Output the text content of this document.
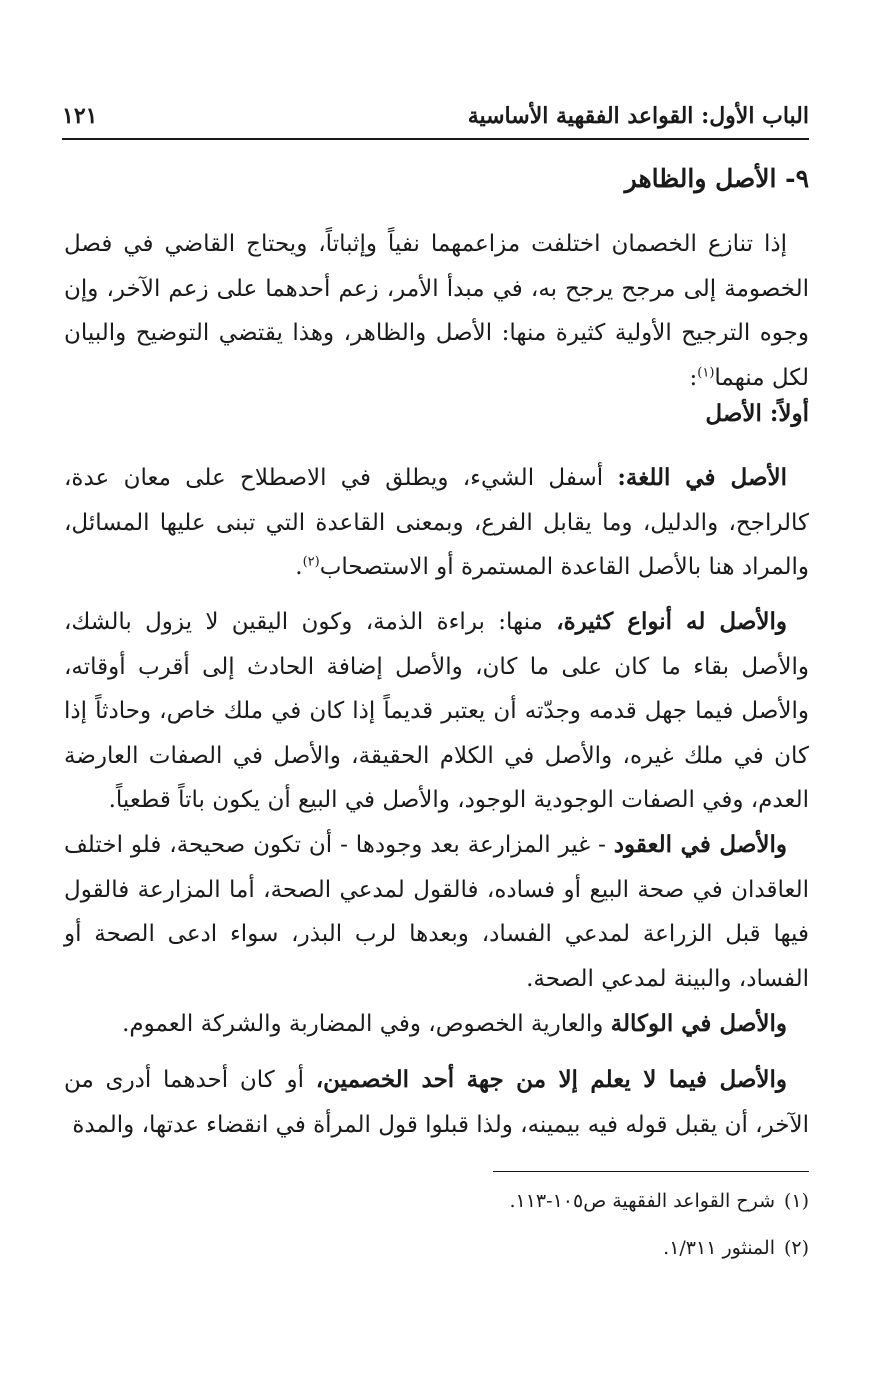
الباب الأول: القواعد الفقهية الأساسية
١٢١
٩- الأصل والظاهر
إذا تنازع الخصمان اختلفت مزاعمهما نفياً وإثباتاً، ويحتاج القاضي في فصل الخصومة إلى مرجح يرجح به، في مبدأ الأمر، زعم أحدهما على زعم الآخر، وإن وجوه الترجيح الأولية كثيرة منها: الأصل والظاهر، وهذا يقتضي التوضيح والبيان لكل منهما$^{(١)}$:
أولاً: الأصل
الأصل في اللغة: أسفل الشيء، ويطلق في الاصطلاح على معان عدة، كالراجح، والدليل، وما يقابل الفرع، وبمعنى القاعدة التي تبنى عليها المسائل، والمراد هنا بالأصل القاعدة المستمرة أو الاستصحاب$^{(٢)}$.
والأصل له أنواع كثيرة، منها: براءة الذمة، وكون اليقين لا يزول بالشك، والأصل بقاء ما كان على ما كان، والأصل إضافة الحادث إلى أقرب أوقاته، والأصل فيما جهل قدمه وجدّته أن يعتبر قديماً إذا كان في ملك خاص، وحادثاً إذا كان في ملك غيره، والأصل في الكلام الحقيقة، والأصل في الصفات العارضة العدم، وفي الصفات الوجودية الوجود، والأصل في البيع أن يكون باتاً قطعياً.
والأصل في العقود - غير المزارعة بعد وجودها - أن تكون صحيحة، فلو اختلف العاقدان في صحة البيع أو فساده، فالقول لمدعي الصحة، أما المزارعة فالقول فيها قبل الزراعة لمدعي الفساد، وبعدها لرب البذر، سواء ادعى الصحة أو الفساد، والبينة لمدعي الصحة.
والأصل في الوكالة والعارية الخصوص، وفي المضاربة والشركة العموم.
والأصل فيما لا يعلم إلا من جهة أحد الخصمين، أو كان أحدهما أدرى من الآخر، أن يقبل قوله فيه بيمينه، ولذا قبلوا قول المرأة في انقضاء عدتها، والمدة
(١)شرح القواعد الفقهية ص١٠٥-١١٣.
(٢)المنثور ١/٣١١.
